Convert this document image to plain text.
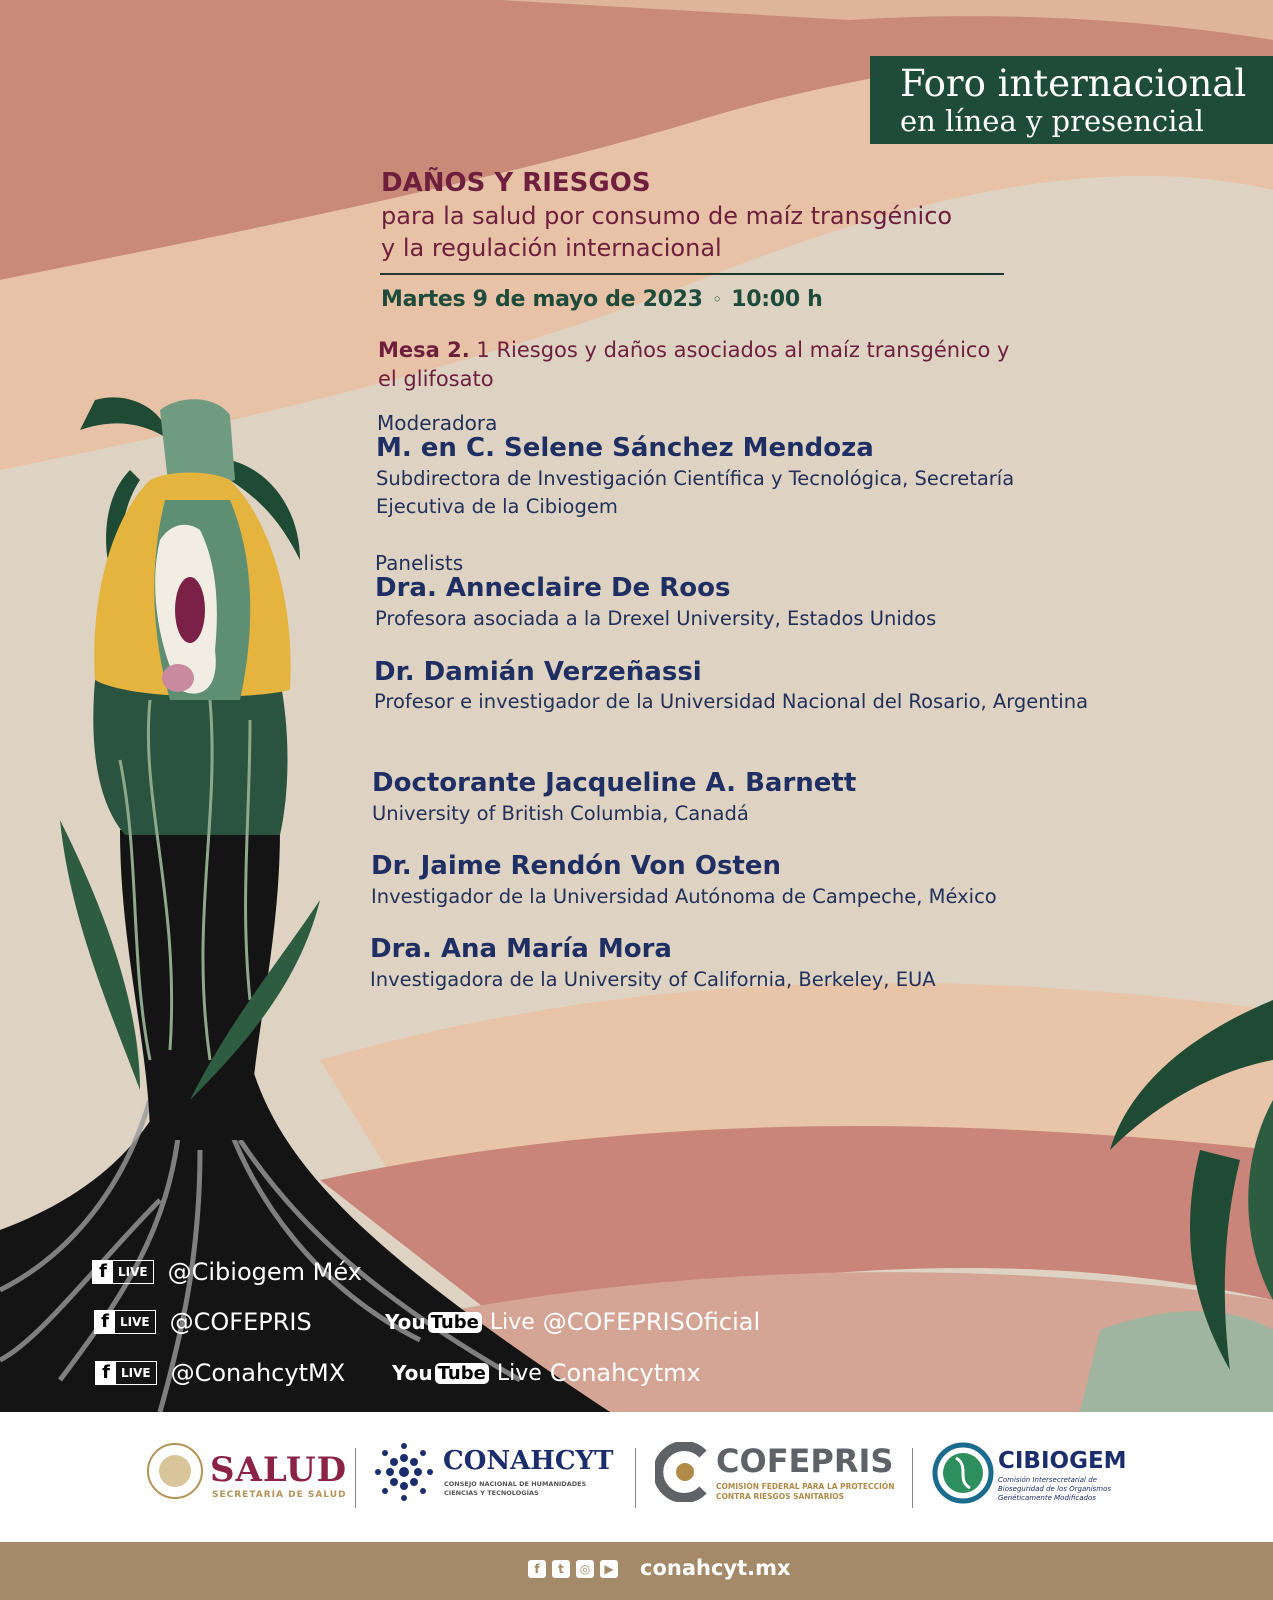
Foro internacional
en línea y presencial
DAÑOS Y RIESGOS
para la salud por consumo de maíz transgénico
y la regulación internacional
Martes 9 de mayo de 2023 ◦ 10:00 h
Mesa 2. 1 Riesgos y daños asociados al maíz transgénico y el glifosato
Moderadora
M. en C. Selene Sánchez Mendoza
Subdirectora de Investigación Científica y Tecnológica, Secretaría Ejecutiva de la Cibiogem
Panelists
Dra. Anneclaire De Roos
Profesora asociada a la Drexel University, Estados Unidos
Dr. Damián Verzeñassi
Profesor e investigador de la Universidad Nacional del Rosario, Argentina
Doctorante Jacqueline A. Barnett
University of British Columbia, Canadá
Dr. Jaime Rendón Von Osten
Investigador de la Universidad Autónoma de Campeche, México
Dra. Ana María Mora
Investigadora de la University of California, Berkeley, EUA
f LIVE @Cibiogem Méx
f LIVE @COFEPRIS
f LIVE @ConahcytMX
You Tube Live @COFEPRISOficial
You Tube Live Conahcytmx
SALUD
SECRETARÍA DE SALUD
CONAHCYT
CONSEJO NACIONAL DE HUMANIDADES CIENCIAS Y TECNOLOGÍAS
COFEPRIS
COMISIÓN FEDERAL PARA LA PROTECCIÓN CONTRA RIESGOS SANITARIOS
CIBIOGEM
Comisión Intersecretarial de Bioseguridad de los Organismos Genéticamente Modificados
f	t	◎	▶ conahcyt.mx
